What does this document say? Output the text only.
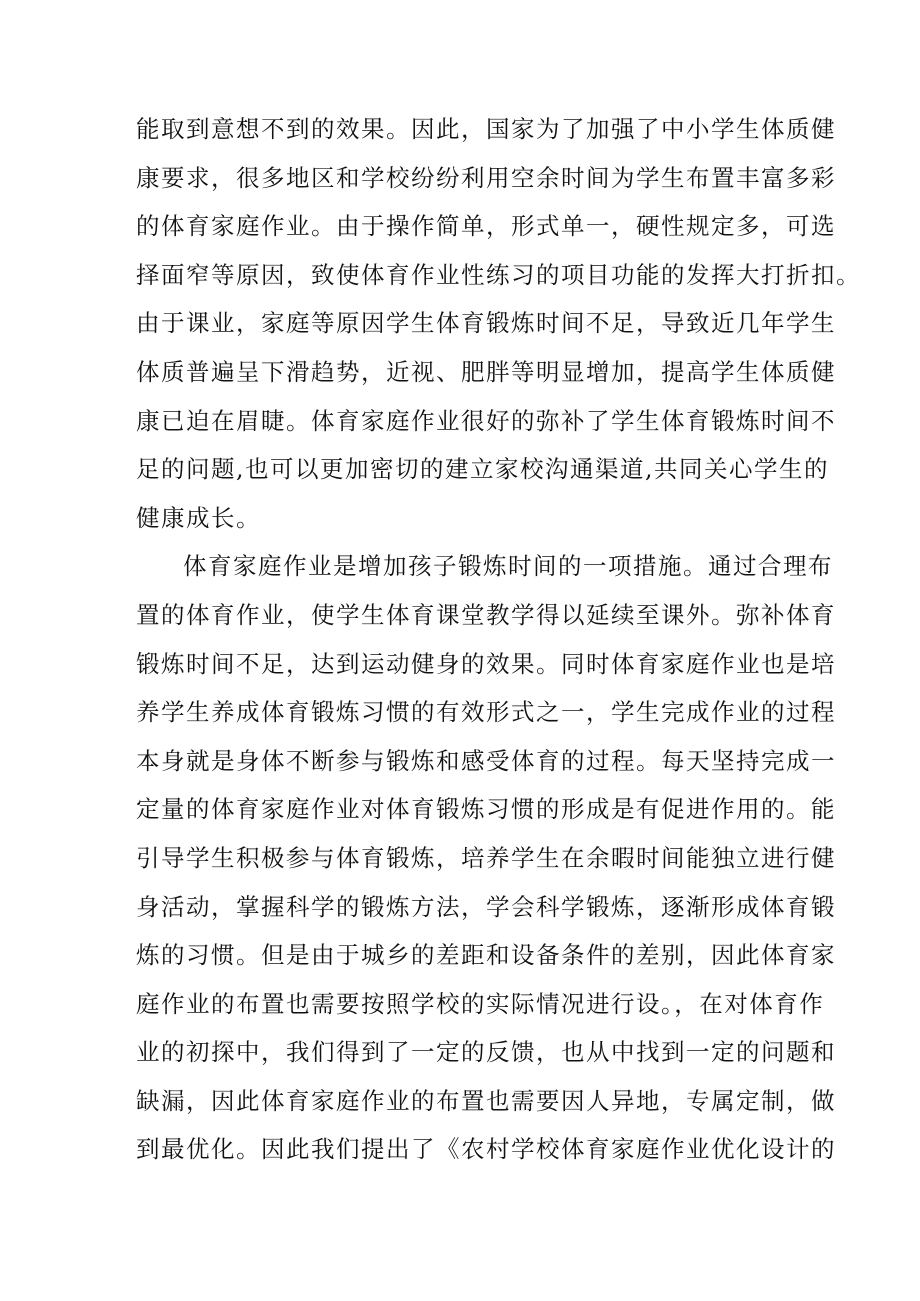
能取到意想不到的效果。因此，国家为了加强了中小学生体质健
康要求，很多地区和学校纷纷利用空余时间为学生布置丰富多彩
的体育家庭作业。由于操作简单，形式单一，硬性规定多，可选
择面窄等原因，致使体育作业性练习的项目功能的发挥大打折扣。
由于课业，家庭等原因学生体育锻炼时间不足，导致近几年学生
体质普遍呈下滑趋势，近视、肥胖等明显增加，提高学生体质健
康已迫在眉睫。体育家庭作业很好的弥补了学生体育锻炼时间不
足的问题,也可以更加密切的建立家校沟通渠道,共同关心学生的
健康成长。
体育家庭作业是增加孩子锻炼时间的一项措施。通过合理布
置的体育作业，使学生体育课堂教学得以延续至课外。弥补体育
锻炼时间不足，达到运动健身的效果。同时体育家庭作业也是培
养学生养成体育锻炼习惯的有效形式之一，学生完成作业的过程
本身就是身体不断参与锻炼和感受体育的过程。每天坚持完成一
定量的体育家庭作业对体育锻炼习惯的形成是有促进作用的。能
引导学生积极参与体育锻炼，培养学生在余暇时间能独立进行健
身活动，掌握科学的锻炼方法，学会科学锻炼，逐渐形成体育锻
炼的习惯。但是由于城乡的差距和设备条件的差别，因此体育家
庭作业的布置也需要按照学校的实际情况进行设。，在对体育作
业的初探中，我们得到了一定的反馈，也从中找到一定的问题和
缺漏，因此体育家庭作业的布置也需要因人异地，专属定制，做
到最优化。因此我们提出了《农村学校体育家庭作业优化设计的
